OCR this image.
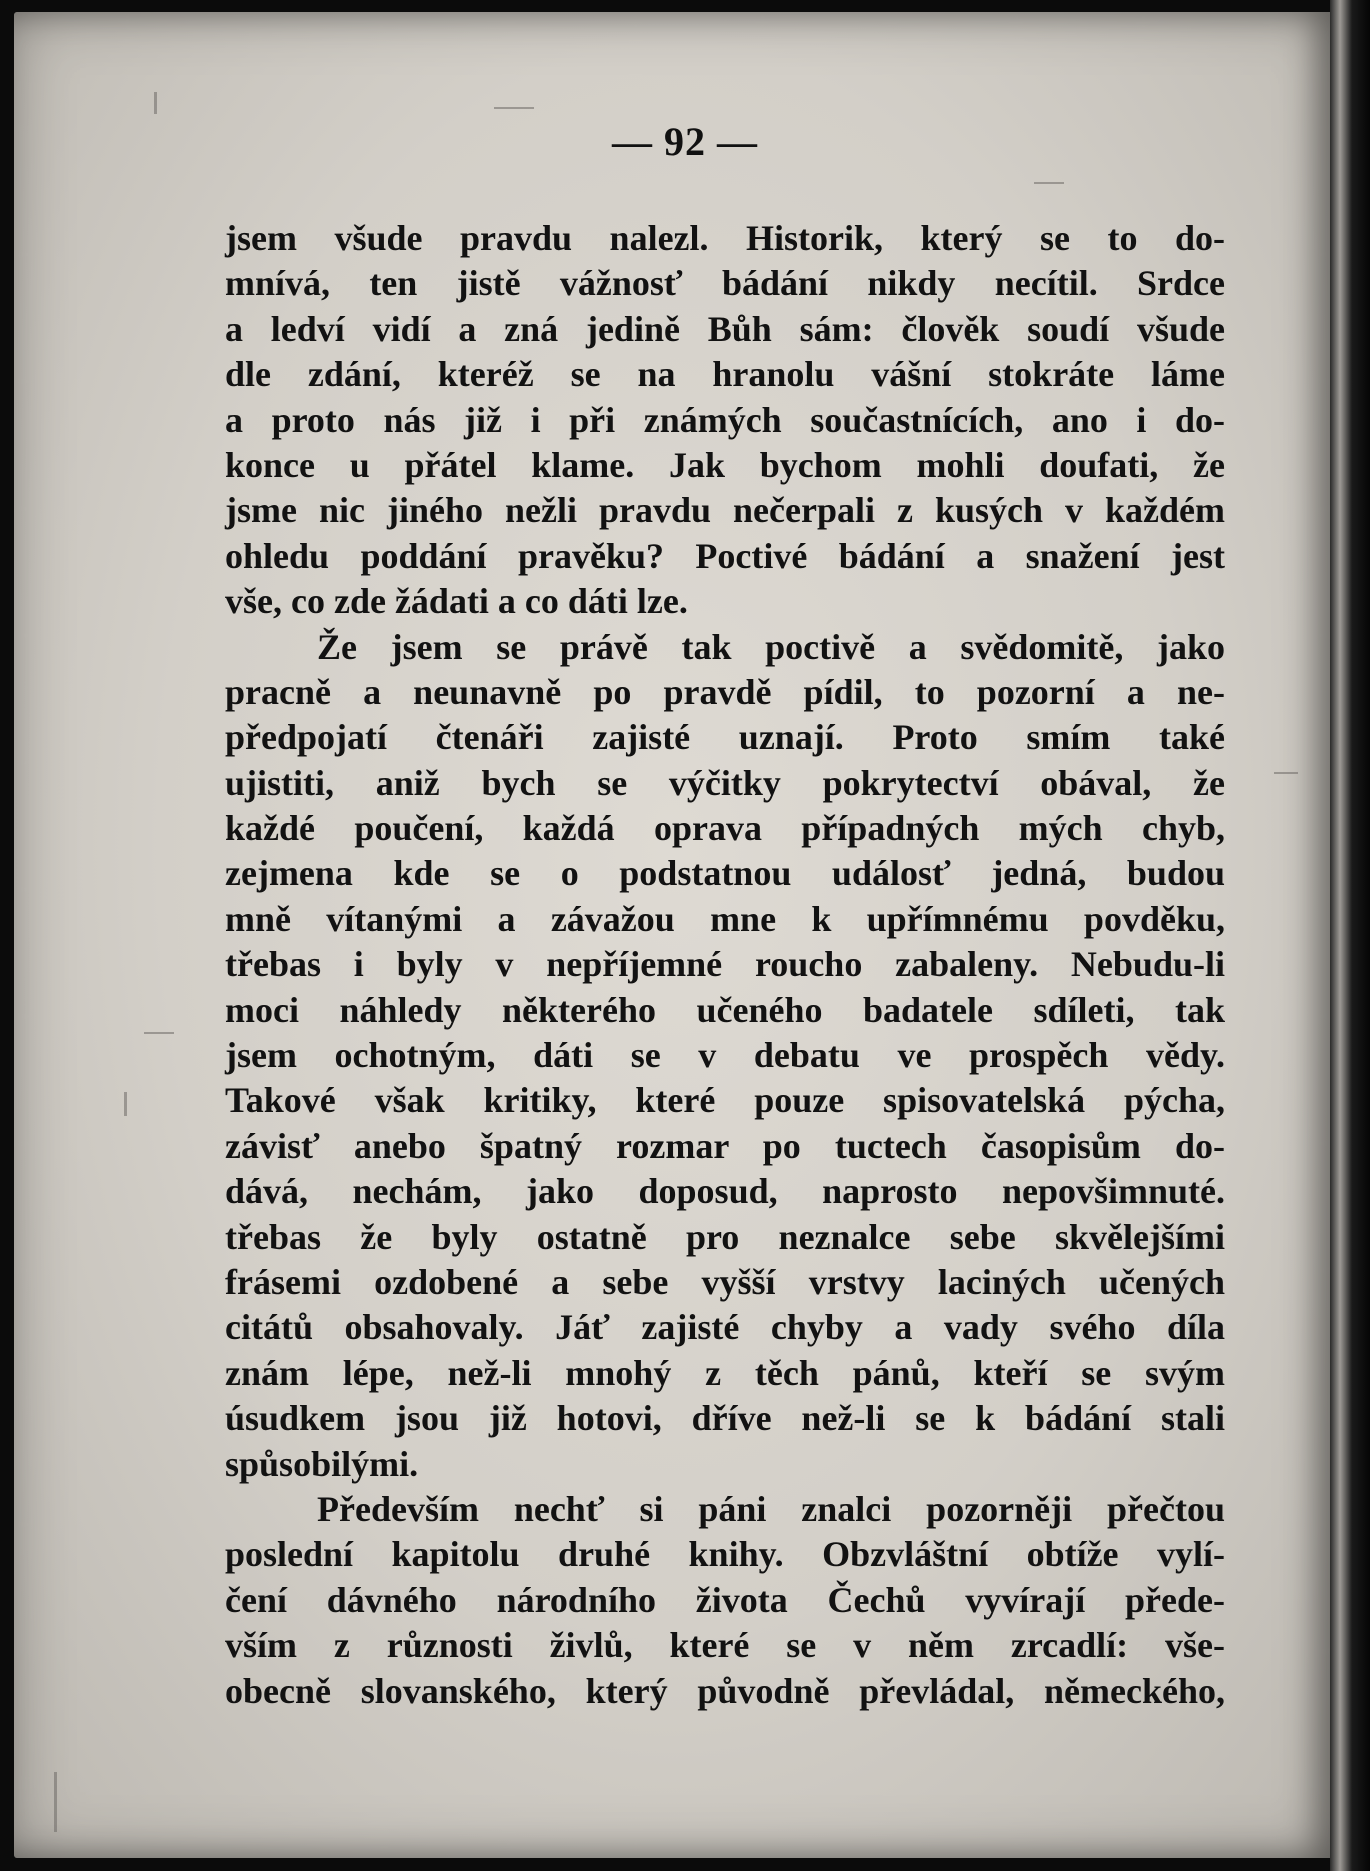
— 92 —
jsem všude pravdu nalezl. Historik, který se to do-
mnívá, ten jistě vážnosť bádání nikdy necítil. Srdce
a ledví vidí a zná jedině Bůh sám: člověk soudí všude
dle zdání, kteréž se na hranolu vášní stokráte láme
a proto nás již i při známých součastnících, ano i do-
konce u přátel klame. Jak bychom mohli doufati, že
jsme nic jiného nežli pravdu nečerpali z kusých v každém
ohledu poddání pravěku? Poctivé bádání a snažení jest
vše, co zde žádati a co dáti lze.
Že jsem se právě tak poctivě a svědomitě, jako
pracně a neunavně po pravdě pídil, to pozorní a ne-
předpojatí čtenáři zajisté uznají. Proto smím také
ujistiti, aniž bych se výčitky pokrytectví obával, že
každé poučení, každá oprava případných mých chyb,
zejmena kde se o podstatnou událosť jedná, budou
mně vítanými a závažou mne k upřímnému povděku,
třebas i byly v nepříjemné roucho zabaleny. Nebudu-li
moci náhledy některého učeného badatele sdíleti, tak
jsem ochotným, dáti se v debatu ve prospěch vědy.
Takové však kritiky, které pouze spisovatelská pýcha,
závisť anebo špatný rozmar po tuctech časopisům do-
dává, nechám, jako doposud, naprosto nepovšimnuté.
třebas že byly ostatně pro neznalce sebe skvělejšími
frásemi ozdobené a sebe vyšší vrstvy laciných učených
citátů obsahovaly. Jáť zajisté chyby a vady svého díla
znám lépe, než-li mnohý z těch pánů, kteří se svým
úsudkem jsou již hotovi, dříve než-li se k bádání stali
spůsobilými.
Především nechť si páni znalci pozorněji přečtou
poslední kapitolu druhé knihy. Obzvláštní obtíže vylí-
čení dávného národního života Čechů vyvírají přede-
vším z různosti živlů, které se v něm zrcadlí: vše-
obecně slovanského, který původně převládal, německého,
